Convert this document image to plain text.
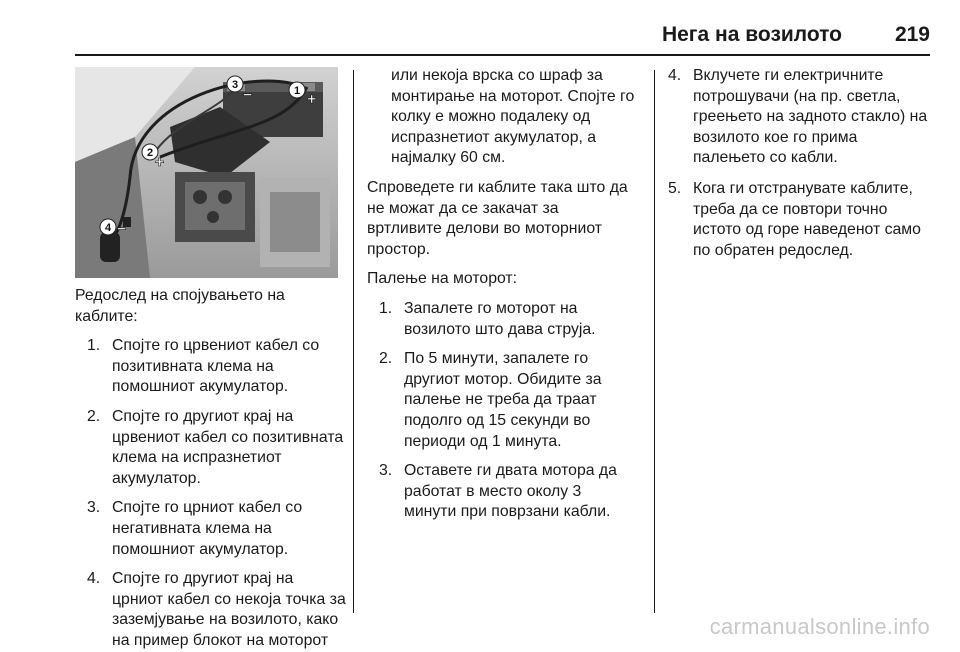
Нега на возилото	219
1
2
3
4
+
+
−
−

Редослед на спојувањето на каблите:

1. Спојте го црвениот кабел со позитивната клема на помошниот акумулатор.
2. Спојте го другиот крај на црвениот кабел со позитивната клема на испразнетиот акумулатор.
3. Спојте го црниот кабел со негативната клема на помошниот акумулатор.
4. Спојте го другиот крај на црниот кабел со некоја точка за заземјување на возилото, како на пример блокот на моторот

или некоја врска со шраф за монтирање на моторот. Спојте го колку е можно подалеку од испразнетиот акумулатор, а најмалку 60 см.

Спроведете ги каблите така што да не можат да се закачат за вртливите делови во моторниот простор.

Палење на моторот:

1. Запалете го моторот на возилото што дава струја.
2. По 5 минути, запалете го другиот мотор. Обидите за палење не треба да траат подолго од 15 секунди во периоди од 1 минута.
3. Оставете ги двата мотора да работат в место околу 3 минути при поврзани кабли.
4. Вклучете ги електричните потрошувачи (на пр. светла, греењето на задното стакло) на возилото кое го прима палењето со кабли.
5. Кога ги отстранувате каблите, треба да се повтори точно истото од горе наведенот само по обратен редослед.
carmanualsonline.info
